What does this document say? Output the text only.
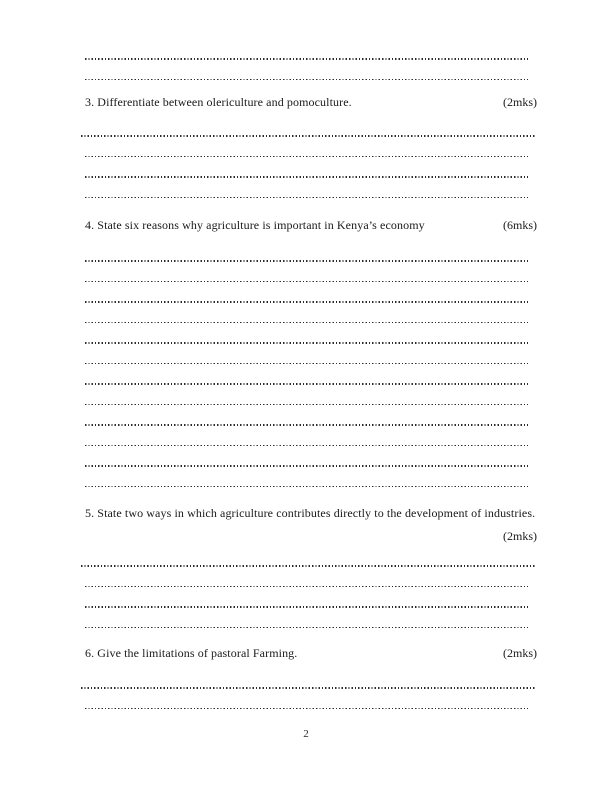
3. Differentiate between olericulture and pomoculture.	(2mks)
4. State six reasons why agriculture is important in Kenya’s economy	(6mks)
5. State two ways in which agriculture contributes directly to the development of industries.
(2mks)
6. Give the limitations of pastoral Farming.	(2mks)
2
